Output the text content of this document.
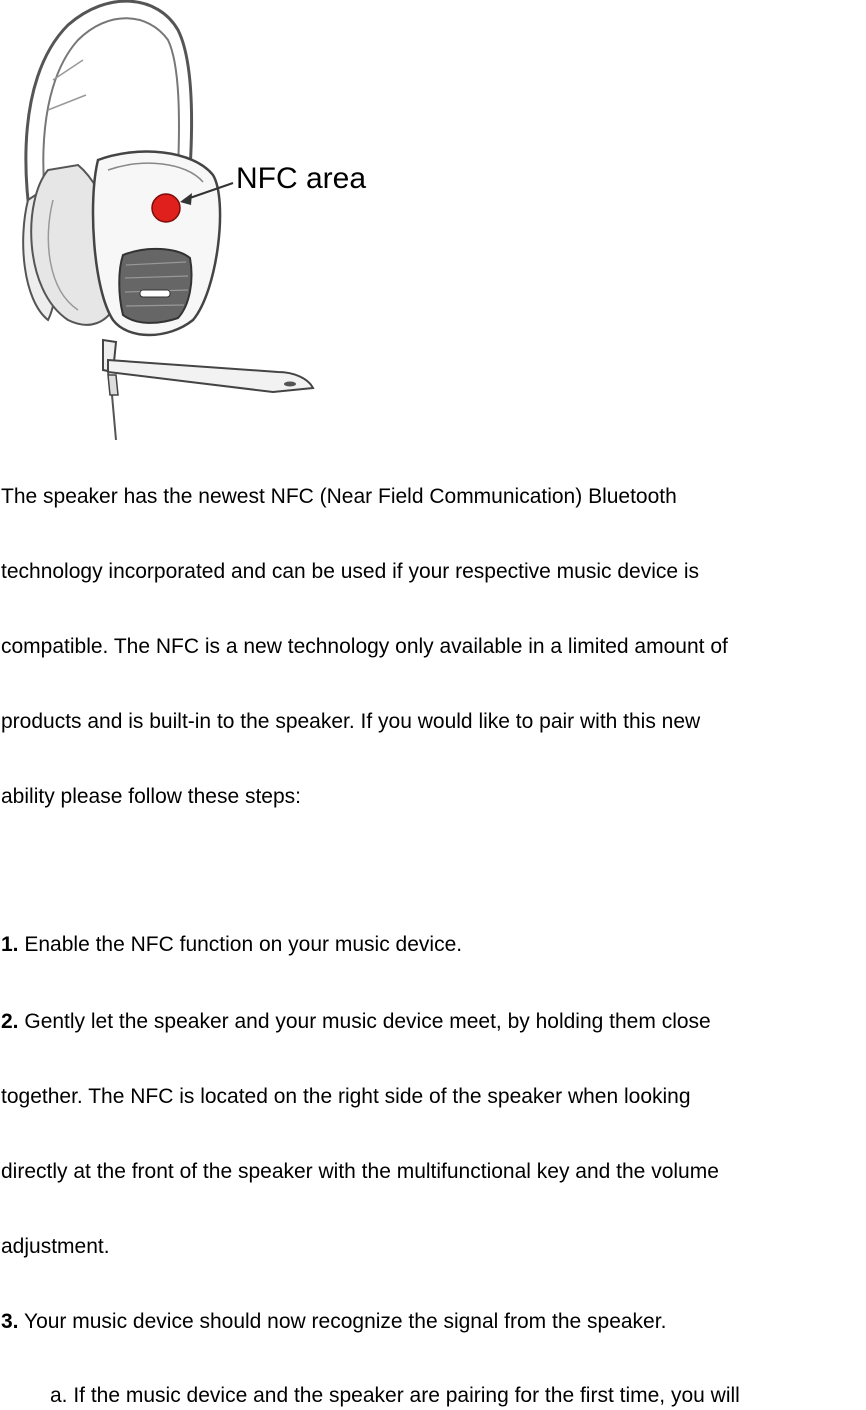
NFC area
The speaker has the newest NFC (Near Field Communication) Bluetooth
technology incorporated and can be used if your respective music device is
compatible. The NFC is a new technology only available in a limited amount of
products and is built-in to the speaker. If you would like to pair with this new
ability please follow these steps:
1. Enable the NFC function on your music device.
2. Gently let the speaker and your music device meet, by holding them close
together. The NFC is located on the right side of the speaker when looking
directly at the front of the speaker with the multifunctional key and the volume
adjustment.
3. Your music device should now recognize the signal from the speaker.
a. If the music device and the speaker are pairing for the first time, you will
